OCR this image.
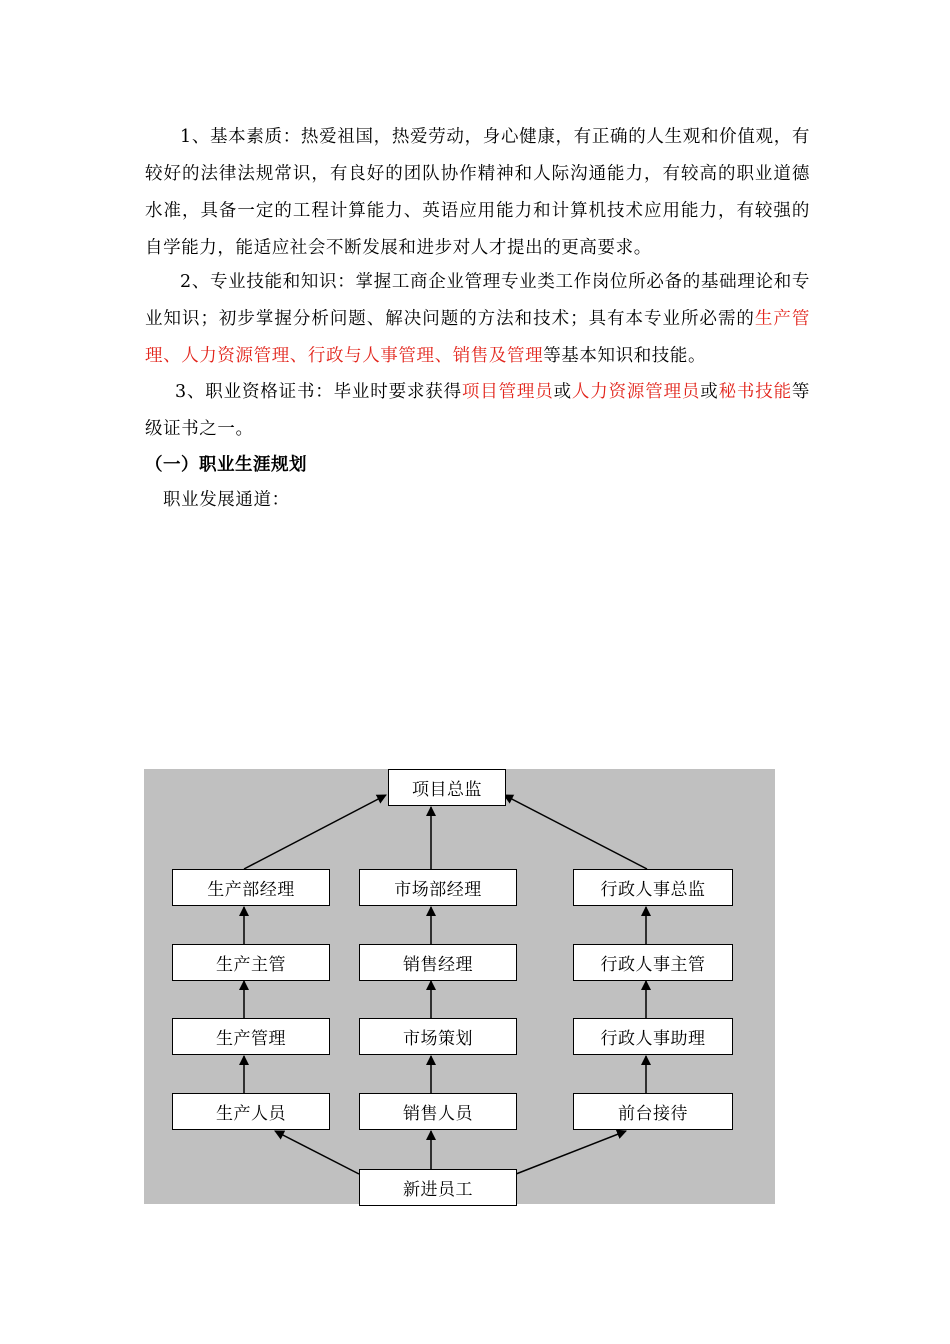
1、基本素质：热爱祖国，热爱劳动，身心健康，有正确的人生观和价值观，有较好的法律法规常识，有良好的团队协作精神和人际沟通能力，有较高的职业道德水准，具备一定的工程计算能力、英语应用能力和计算机技术应用能力，有较强的自学能力，能适应社会不断发展和进步对人才提出的更高要求。
2、专业技能和知识：掌握工商企业管理专业类工作岗位所必备的基础理论和专业知识；初步掌握分析问题、解决问题的方法和技术；具有本专业所必需的生产管理、人力资源管理、行政与人事管理、销售及管理等基本知识和技能。
3、职业资格证书：毕业时要求获得项目管理员或人力资源管理员或秘书技能等级证书之一。
（一）职业生涯规划
职业发展通道：
项目总监
生产部经理
生产主管
生产管理
生产人员
市场部经理
销售经理
市场策划
销售人员
行政人事总监
行政人事主管
行政人事助理
前台接待
新进员工
